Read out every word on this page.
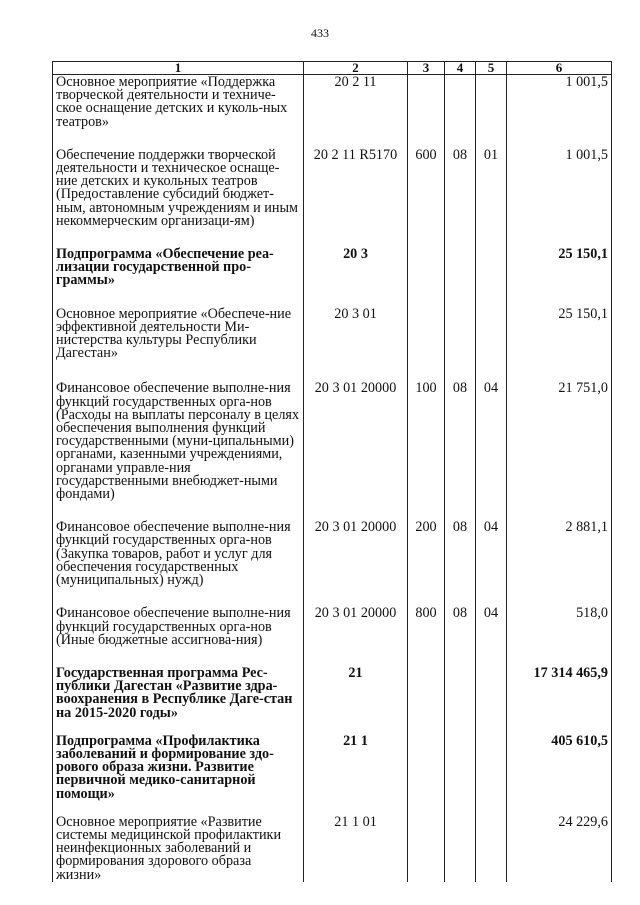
433
1	2	3	4	5	6
Основное мероприятие «Поддержка творческой деятельности и техниче-ское оснащение детских и куколь-ных театров»	20 2 11				1 001,5
Обеспечение поддержки творческой деятельности и техническое оснаще-ние детских и кукольных театров (Предоставление субсидий бюджет-ным, автономным учреждениям и иным некоммерческим организаци-ям)	20 2 11 R5170	600	08	01	1 001,5
Подпрограмма «Обеспечение реа-лизации государственной про-граммы»	20 3				25 150,1
Основное мероприятие «Обеспече-ние эффективной деятельности Ми-нистерства культуры Республики Дагестан»	20 3 01				25 150,1
Финансовое обеспечение выполне-ния функций государственных орга-нов (Расходы на выплаты персоналу в целях обеспечения выполнения функций государственными (муни-ципальными) органами, казенными учреждениями, органами управле-ния государственными внебюджет-ными фондами)	20 3 01 20000	100	08	04	21 751,0
Финансовое обеспечение выполне-ния функций государственных орга-нов (Закупка товаров, работ и услуг для обеспечения государственных (муниципальных) нужд)	20 3 01 20000	200	08	04	2 881,1
Финансовое обеспечение выполне-ния функций государственных орга-нов (Иные бюджетные ассигнова-ния)	20 3 01 20000	800	08	04	518,0
Государственная программа Рес-публики Дагестан «Развитие здра-воохранения в Республике Даге-стан на 2015-2020 годы»	21				17 314 465,9
Подпрограмма «Профилактика заболеваний и формирование здо-рового образа жизни. Развитие первичной медико-санитарной помощи»	21 1				405 610,5
Основное мероприятие «Развитие системы медицинской профилактики неинфекционных заболеваний и формирования здорового образа жизни»	21 1 01				24 229,6
